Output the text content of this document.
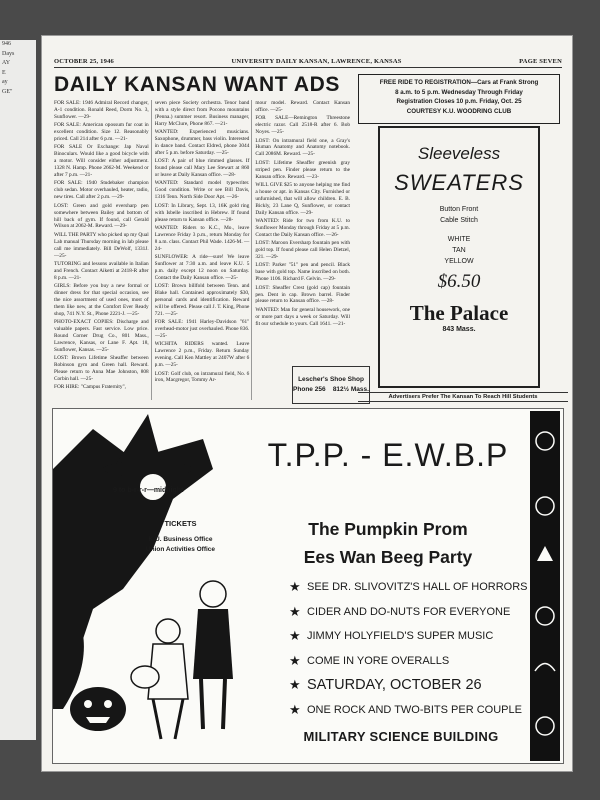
946
Days
AY
E
ay
GE"
OCTOBER 25, 1946	UNIVERSITY DAILY KANSAN, LAWRENCE, KANSAS	PAGE SEVEN
DAILY KANSAN WANT ADS

FOR SALE: 1946 Admiral Record changer, A-1 condition. Ronald Reed, Dorm No. 3, Sunflower. —29-

FOR SALE: American opossum fur coat in excellent condition. Size 12. Reasonably priced. Call 214 after 6 p.m. —21-

FOR SALE Or Exchange: Jap Naval Binoculars. Would like a good bicycle with a motor. Will consider either adjustment. 1328 N. Hamp. Phone 2662-M. Weekend or after 7 p.m. —21-

FOR SALE: 1940 Studebaker champion club sedan. Motor overhauled, heater, radio, new tires. Call after 2 p.m. —29-

LOST: Green and gold eversharp pen somewhere between Bailey and bottom of hill back of gym. If found, call Gerald Wilson at 2062-M. Reward. —29-

WILL THE PARTY who picked up my Qual Lab manual Thursday morning in lab please call me immediately. Bill DeWolf, 1331J. —25-

TUTORING and lessons available in Italian and French. Contact Aiketti at 2418-R after 8 p.m. —21-

GIRLS: Before you buy a new formal or dinner dress for that special occasion, see the nice assortment of used ones, most of them like new, at the Comfort Ever Ready shop, 741 N.Y. St., Phone 2221-J. —25-

PHOTO-EXACT COPIES: Discharge and valuable papers. Fast service. Low price. Round Corner Drug Co., 801 Mass., Lawrence, Kansas, or Lane F. Apt. 18, Sunflower, Kansas. —25-

LOST: Brown Lifetime Sheaffer between Robinson gym and Green hall. Reward. Please return to Anna Mae Johnston, 808 Corbin hall. —25-

FOR HIRE: "Campus Fraternity",

seven piece Society orchestra. Tenor band with a style direct from Pocono mountains (Penna.) summer resort. Business manager, Harry McClure, Phone 867. —21-

WANTED: Experienced musicians. Saxophone, drummer, bass violin. Interested in dance band. Contact Eldred, phone 3044 after 5 p.m. before Saturday. —25-

LOST: A pair of blue rimmed glasses. If found please call Mary Lee Stewart at 860 or leave at Daily Kansan office. —28-

WANTED: Standard model typewriter. Good condition. Write or see Bill Davis, 1316 Tenn. North Side Door Apt. —26-

LOST: In Library, Sept. 13, 16K gold ring with Isbelle inscribed in Hebrew. If found please return to Kansan office. —28-

WANTED: Riders to K.C., Mo., leave Lawrence Friday 3 p.m., return Monday for 8 a.m. class. Contact Phil Wade. 1426-M. —24-

SUNFLOWER: A ride—sure! We leave Sunflower at 7:30 a.m. and leave K.U. 5 p.m. daily except 12 noon on Saturday. Contact the Daily Kansan office. —25-

LOST: Brown billfold between Tenn. and Blake hall. Contained approximately $30, personal cards and identification. Reward will be offered. Please call J. T. King, Phone 721. —25-

FOR SALE: 1941 Harley-Davidson "61" overhead-motor just overhauled. Phone 836. —25-

WICHITA RIDERS wanted. Leave Lawrence 2 p.m., Friday. Return Sunday evening. Call Ken Mattley at 2407W after 6 p.m. —25-

LOST: Golf club, on intramural field, No. 6 iron, Macgregor, Tommy Ar-

mour model. Reward. Contact Kansan office. —25-

FOR SALE—Remington Threestone electric razor. Call 2518-R after 6. Bob Noyes. —25-

LOST: On intramural field one, a Gray's Human Anatomy and Anatomy notebook. Call 2086M. Reward. —25-

LOST: Lifetime Sheaffer greenish gray striped pen. Finder please return to the Kansan office. Reward. —23-

WILL GIVE $25 to anyone helping me find a house or apt. in Kansas City. Furnished or unfurnished, that will allow children. E. B. Bickly, 23 Lane Q, Sunflower, or contact Daily Kansan office. —29-

WANTED: Ride for two from K.U. to Sunflower Monday through Friday at 5 p.m. Contact the Daily Kansan office. —26-

LOST: Maroon Eversharp fountain pen with gold top. If found please call Helen Dietzel, 321. —29-

LOST: Parker "51" pen and pencil. Black base with gold top. Name inscribed on both. Phone 1106. Richard F. Gelvin. —29-

LOST: Sheaffer Crest (gold cap) fountain pen. Dent in cap. Brown barrel. Finder please return to Kansan office. —28-

WANTED: Man for general housework, one or more part days a week or Saturday. Will fit our schedule to yours. Call 1641. —21-

FREE RIDE TO REGISTRATION—Cars at Frank Strong
8 a.m. to 5 p.m. Wednesday Through Friday
Registration Closes 10 p.m. Friday, Oct. 25
COURTESY K.U. WOODRING CLUB
Sleeveless
SWEATERS
Button Front
Cable Stitch
WHITE
TAN
YELLOW
$6.50
The Palace
843 Mass.
Lescher's Shoe Shop
Phone 256 812½ Mass.
Advertisers Prefer The Kansan To Reach Hill Students
9 to b-r-r-r—midnight
TICKETS
K.U. Business Office
Union Activities Office
T.P.P. - E.W.B.P
The Pumpkin Prom
Ees Wan Beeg Party
★ SEE DR. SLIVOVITZ'S HALL OF HORRORS
★ CIDER AND DO-NUTS FOR EVERYONE
★ JIMMY HOLYFIELD'S SUPER MUSIC
★ COME IN YORE OVERALLS
★ SATURDAY, OCTOBER 26
★ ONE ROCK AND TWO-BITS PER COUPLE
MILITARY SCIENCE BUILDING
